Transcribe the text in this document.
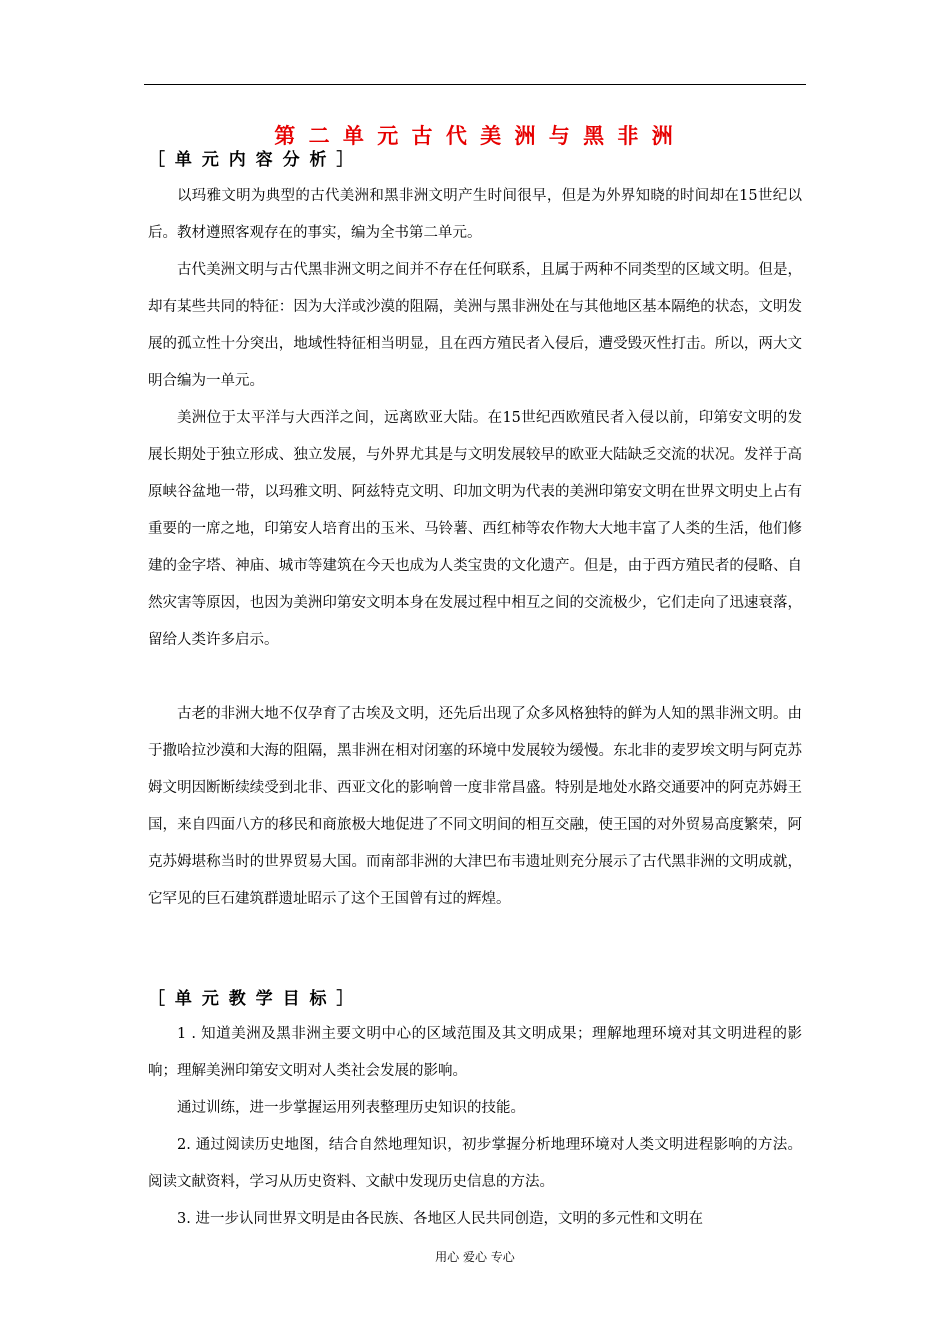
第 二 单 元 古 代 美 洲 与 黑 非 洲
［ 单 元 内 容 分 析 ］

以玛雅文明为典型的古代美洲和黑非洲文明产生时间很早，但是为外界知晓的时间却在15世纪以后。教材遵照客观存在的事实，编为全书第二单元。

古代美洲文明与古代黑非洲文明之间并不存在任何联系，且属于两种不同类型的区域文明。但是，却有某些共同的特征：因为大洋或沙漠的阻隔，美洲与黑非洲处在与其他地区基本隔绝的状态，文明发展的孤立性十分突出，地域性特征相当明显，且在西方殖民者入侵后，遭受毁灭性打击。所以，两大文明合编为一单元。

美洲位于太平洋与大西洋之间，远离欧亚大陆。在15世纪西欧殖民者入侵以前，印第安文明的发展长期处于独立形成、独立发展，与外界尤其是与文明发展较早的欧亚大陆缺乏交流的状况。发祥于高原峡谷盆地一带，以玛雅文明、阿兹特克文明、印加文明为代表的美洲印第安文明在世界文明史上占有重要的一席之地，印第安人培育出的玉米、马铃薯、西红柿等农作物大大地丰富了人类的生活，他们修建的金字塔、神庙、城市等建筑在今天也成为人类宝贵的文化遗产。但是，由于西方殖民者的侵略、自然灾害等原因，也因为美洲印第安文明本身在发展过程中相互之间的交流极少，它们走向了迅速衰落，留给人类许多启示。

古老的非洲大地不仅孕育了古埃及文明，还先后出现了众多风格独特的鲜为人知的黑非洲文明。由于撒哈拉沙漠和大海的阻隔，黑非洲在相对闭塞的环境中发展较为缓慢。东北非的麦罗埃文明与阿克苏姆文明因断断续续受到北非、西亚文化的影响曾一度非常昌盛。特别是地处水路交通要冲的阿克苏姆王国，来自四面八方的移民和商旅极大地促进了不同文明间的相互交融，使王国的对外贸易高度繁荣，阿克苏姆堪称当时的世界贸易大国。而南部非洲的大津巴布韦遗址则充分展示了古代黑非洲的文明成就，它罕见的巨石建筑群遗址昭示了这个王国曾有过的辉煌。

［ 单 元 教 学 目 标 ］

1 . 知道美洲及黑非洲主要文明中心的区域范围及其文明成果；理解地理环境对其文明进程的影响；理解美洲印第安文明对人类社会发展的影响。

通过训练，进一步掌握运用列表整理历史知识的技能。

2. 通过阅读历史地图，结合自然地理知识，初步掌握分析地理环境对人类文明进程影响的方法。阅读文献资料，学习从历史资料、文献中发现历史信息的方法。

3. 进一步认同世界文明是由各民族、各地区人民共同创造，文明的多元性和文明在

用心 爱心 专心
